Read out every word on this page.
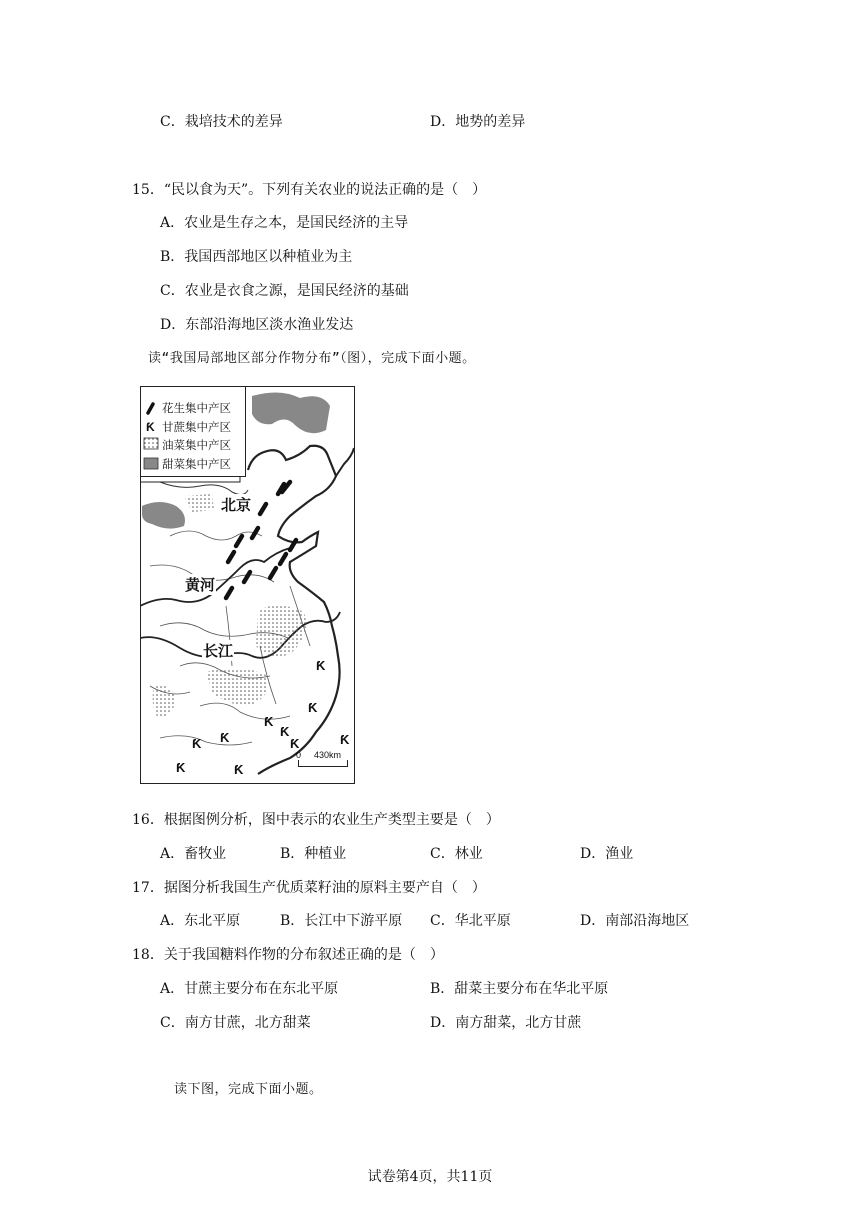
C．栽培技术的差异	D．地势的差异
15．“民以食为天”。下列有关农业的说法正确的是（　）
A．农业是生存之本，是国民经济的主导
B．我国西部地区以种植业为主
C．农业是衣食之源，是国民经济的基础
D．东部沿海地区淡水渔业发达
读“我国局部地区部分作物分布”（图），完成下面小题。
Ƙ
Ƙ
Ƙ
Ƙ
Ƙ
Ƙ Ƙ
Ƙ	Ƙ
Ƙ
Ƙ
花生集中产区
甘蔗集中产区
油菜集中产区
甜菜集中产区
北京
黄河
长江
0 430km
16．根据图例分析，图中表示的农业生产类型主要是（　）
A．畜牧业	B．种植业	C．林业	D．渔业
17．据图分析我国生产优质菜籽油的原料主要产自（　）
A．东北平原	B．长江中下游平原 C．华北平原	D．南部沿海地区
18．关于我国糖料作物的分布叙述正确的是（　）
A．甘蔗主要分布在东北平原	B．甜菜主要分布在华北平原
C．南方甘蔗，北方甜菜	D．南方甜菜，北方甘蔗
读下图，完成下面小题。
试卷第4页，共11页
